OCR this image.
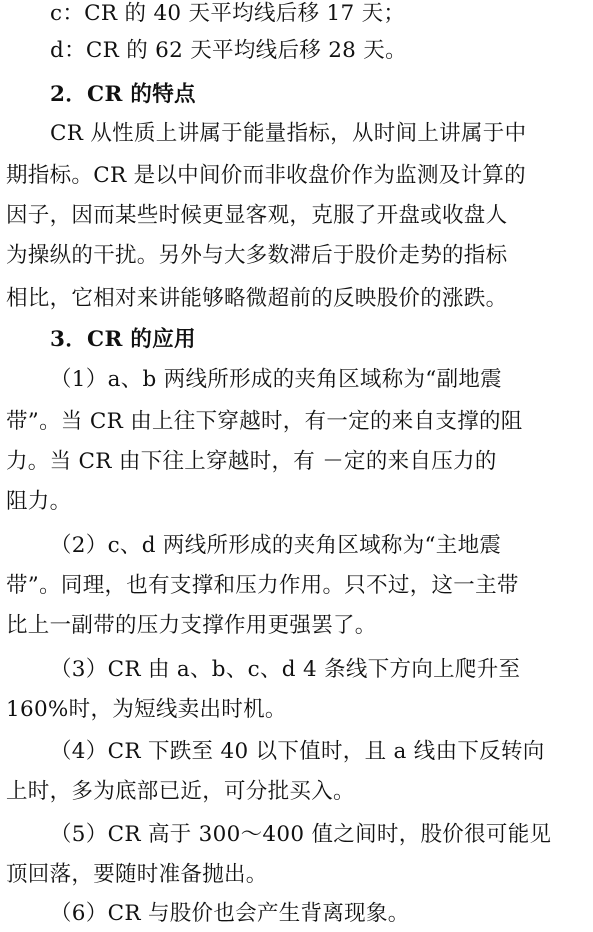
c：CR 的 40 天平均线后移 17 天；
d：CR 的 62 天平均线后移 28 天。
2．CR 的特点
CR 从性质上讲属于能量指标，从时间上讲属于中
期指标。CR 是以中间价而非收盘价作为监测及计算的
因子，因而某些时候更显客观，克服了开盘或收盘人
为操纵的干扰。另外与大多数滞后于股价走势的指标
相比，它相对来讲能够略微超前的反映股价的涨跌。
3．CR 的应用
（1）a、b 两线所形成的夹角区域称为“副地震
带”。当 CR 由上往下穿越时，有一定的来自支撑的阻
力。当 CR 由下往上穿越时，有 －定的来自压力的
阻力。
（2）c、d 两线所形成的夹角区域称为“主地震
带”。同理，也有支撑和压力作用。只不过，这一主带
比上一副带的压力支撑作用更强罢了。
（3）CR 由 a、b、c、d 4 条线下方向上爬升至
160%时，为短线卖出时机。
（4）CR 下跌至 40 以下值时，且 a 线由下反转向
上时，多为底部已近，可分批买入。
（5）CR 高于 300～400 值之间时，股价很可能见
顶回落，要随时准备抛出。
（6）CR 与股价也会产生背离现象。
